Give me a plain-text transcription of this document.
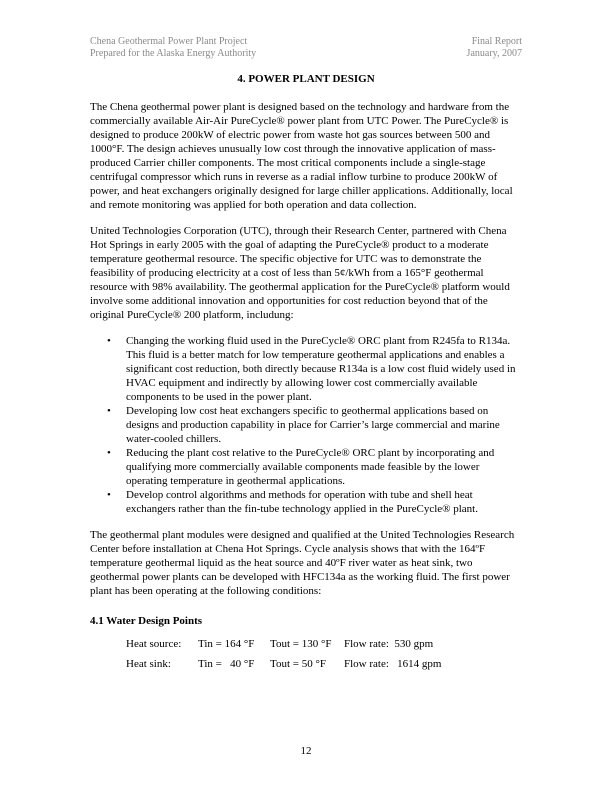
Chena Geothermal Power Plant Project
Prepared for the Alaska Energy Authority
Final Report
January, 2007
4. POWER PLANT DESIGN

The Chena geothermal power plant is designed based on the technology and hardware from the commercially available Air-Air PureCycle® power plant from UTC Power. The PureCycle® is designed to produce 200kW of electric power from waste hot gas sources between 500 and 1000°F. The design achieves unusually low cost through the innovative application of mass-produced Carrier chiller components. The most critical components include a single-stage centrifugal compressor which runs in reverse as a radial inflow turbine to produce 200kW of power, and heat exchangers originally designed for large chiller applications. Additionally, local and remote monitoring was applied for both operation and data collection.

United Technologies Corporation (UTC), through their Research Center, partnered with Chena Hot Springs in early 2005 with the goal of adapting the PureCycle® product to a moderate temperature geothermal resource. The specific objective for UTC was to demonstrate the feasibility of producing electricity at a cost of less than 5¢/kWh from a 165°F geothermal resource with 98% availability. The geothermal application for the PureCycle® platform would involve some additional innovation and opportunities for cost reduction beyond that of the original PureCycle® 200 platform, includung:

• Changing the working fluid used in the PureCycle® ORC plant from R245fa to R134a. This fluid is a better match for low temperature geothermal applications and enables a significant cost reduction, both directly because R134a is a low cost fluid widely used in HVAC equipment and indirectly by allowing lower cost commercially available components to be used in the power plant.
• Developing low cost heat exchangers specific to geothermal applications based on designs and production capability in place for Carrier’s large commercial and marine water-cooled chillers.
• Reducing the plant cost relative to the PureCycle® ORC plant by incorporating and qualifying more commercially available components made feasible by the lower operating temperature in geothermal applications.
• Develop control algorithms and methods for operation with tube and shell heat exchangers rather than the fin-tube technology applied in the PureCycle® plant.

The geothermal plant modules were designed and qualified at the United Technologies Research Center before installation at Chena Hot Springs. Cycle analysis shows that with the 164ºF temperature geothermal liquid as the heat source and 40ºF river water as heat sink, two geothermal power plants can be developed with HFC134a as the working fluid. The first power plant has been operating at the following conditions:

4.1 Water Design Points
Heat source:	Tin = 164 °F	Tout = 130 °F	Flow rate:  530 gpm
Heat sink:	Tin =   40 °F	Tout = 50 °F	Flow rate:   1614 gpm
12
